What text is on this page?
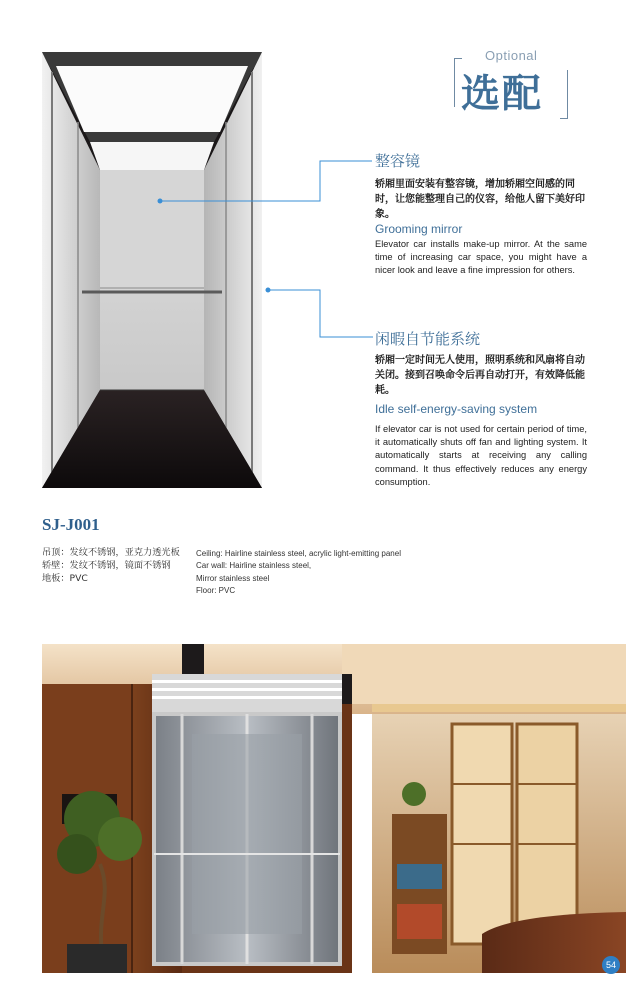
Optional
选配
整容镜
轿厢里面安装有整容镜，增加轿厢空间感的同时，让您能整理自己的仪容，给他人留下美好印象。
Grooming mirror
Elevator car installs make-up mirror. At the same time of increasing car space, you might have a nicer look and leave a fine impression for others.
闲暇自节能系统
轿厢一定时间无人使用，照明系统和风扇将自动关闭。接到召唤命令后再自动打开，有效降低能耗。
Idle self-energy-saving system
If elevator car is not used for certain period of time, it automatically shuts off fan and lighting system. It automatically starts at receiving any calling command. It thus effectively reduces any energy consumption.
SJ-J001
吊顶：发纹不锈钢，亚克力透光板
轿壁：发纹不锈钢，镜面不锈钢
地板：PVC
Ceiling: Hairline stainless steel, acrylic light-emitting panel
Car wall: Hairline stainless steel,
Mirror stainless steel
Floor: PVC
54
